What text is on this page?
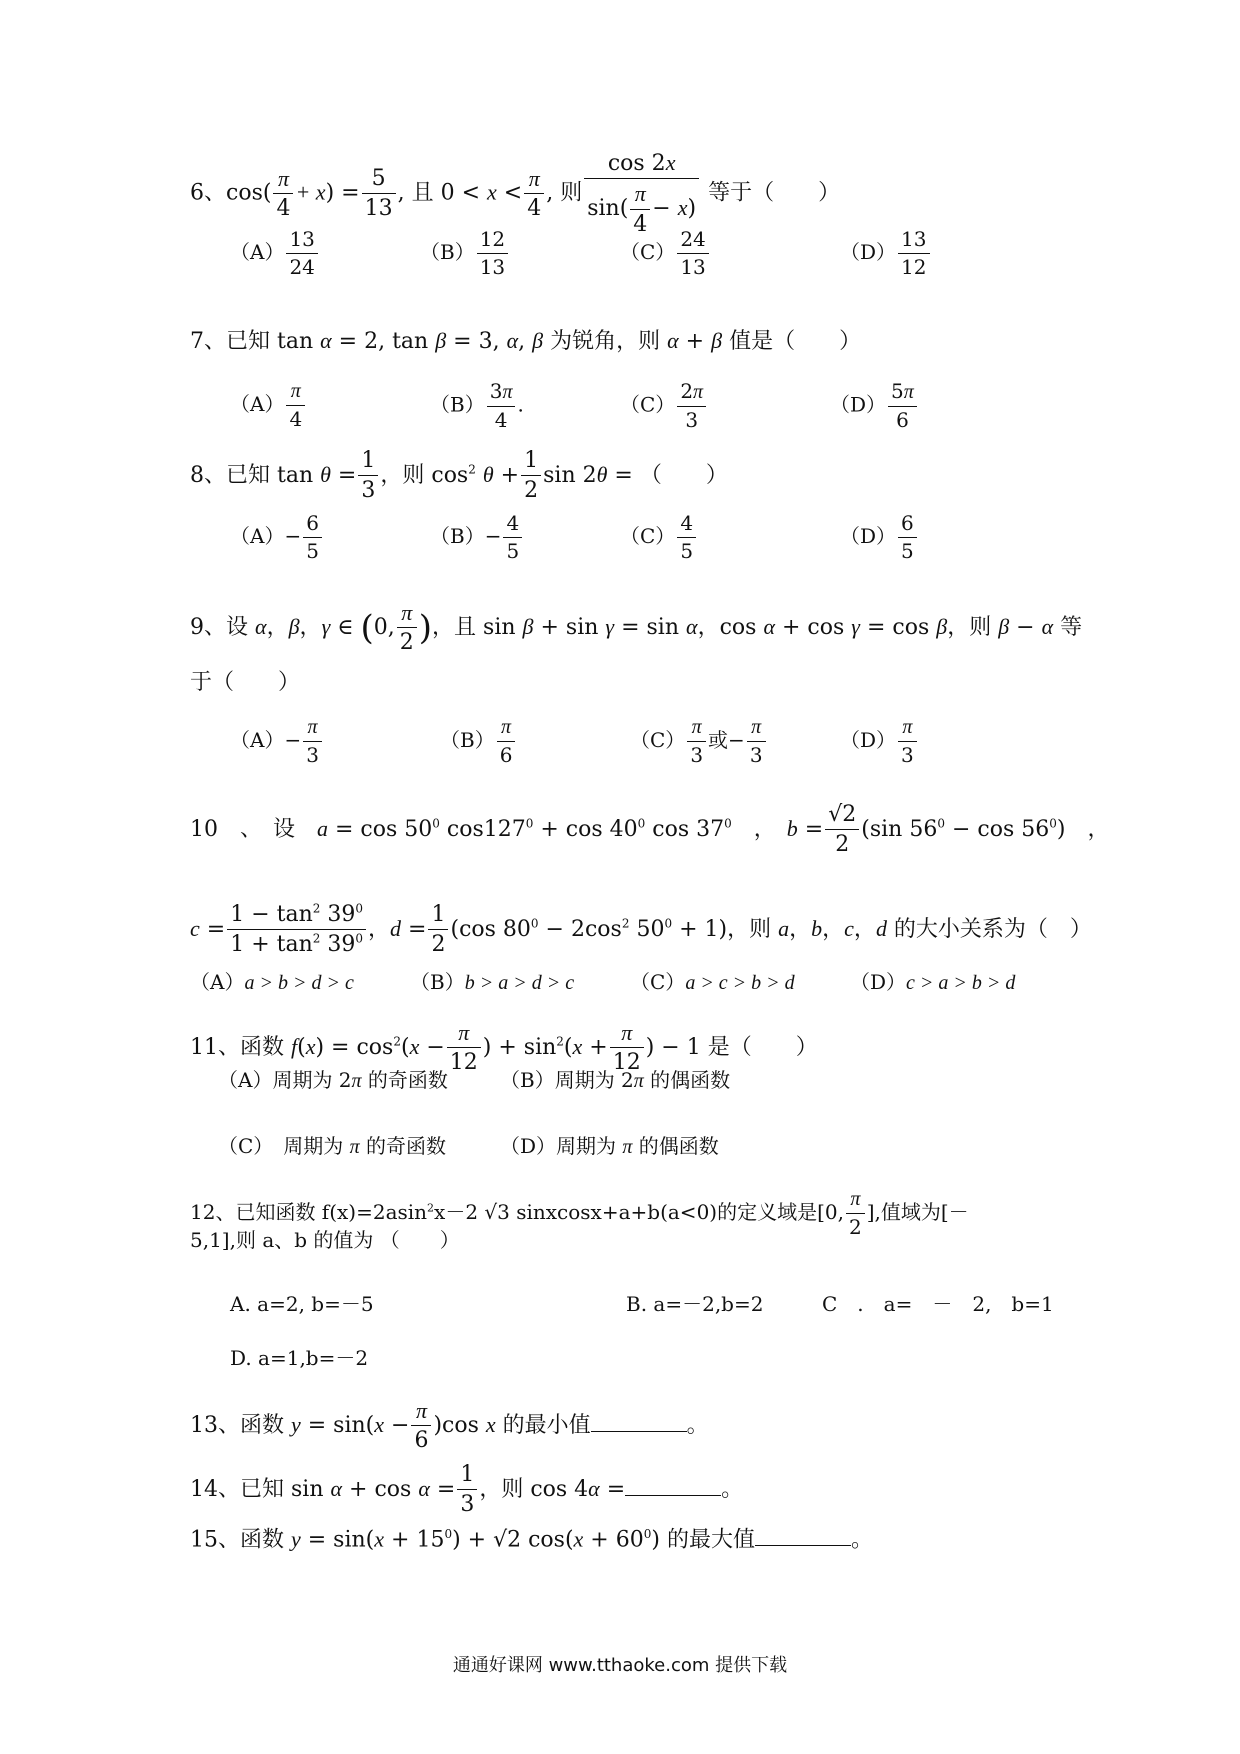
6、$\cos( \frac{\pi}{4} + x) = \frac{5}{13}$ , 且 $0 < x < \frac{\pi}{4}$ , 则 $\frac{\cos 2x}{\sin( \frac{\pi}{4} - x)}$ 等于（　　）
$(A) \frac{13}{24}$	$(B) \frac{12}{13}$	$(C) \frac{24}{13}$	$(D) \frac{13}{12}$
7、已知 tan α = 2, tan β = 3, α, β 为锐角，则 α + β 值是（　　）
$(A) \frac{\pi}{4}$	$(B) \frac{3\pi}{4}$ .	$(C) \frac{2\pi}{3}$	$(D) \frac{5\pi}{6}$
8、已知 $\tan \theta = \frac{1}{3}$ ，则 $\cos^2 \theta + \frac{1}{2}$ sin 2θ = （　　）
$(A)- \frac{6}{5}$	$(B)- \frac{4}{5}$	$(C) \frac{4}{5}$	$(D) \frac{6}{5}$
9、设 α，β，γ ∈ (0, $\frac{\pi}{2}$ )，且 sin β + sin γ = sin α，cos α + cos γ = cos β，则 β − α 等
于（　　）
$(A)- \frac{\pi}{3}$	$(B) \frac{\pi}{6}$	$(C) \frac{\pi}{3}$ 或− $\frac{\pi}{3}$	$(D) \frac{\pi}{3}$
10　、　设　$a = \cos 50^0$ $\cos 127^0 + \cos 40^0$ $\cos 37^0$　，　$b = \frac{√2}{2} (\sin$ $56^0 - \cos 56^0$)　，
$c = \frac{1 - \tan^2 39^0}{1 + \tan^2 39^0}$ ，$d = \frac{1}{2} (\cos$ $80^0 - 2\cos^2$ $50^0 + 1$)，则 a，b，c，d 的大小关系为（　）
（A）a > b > d > c	（B）b > a > d > c	（C）a > c > b > d	（D）c > a > b > d
11、函数 $f(x) = \cos^2(x - \frac{\pi}{12}$ ) + $\sin^2(x + \frac{\pi}{12}$ ) − 1 是（　　）
（A）周期为 2π 的奇函数	（B）周期为 2π 的偶函数
（C）　周期为 π 的奇函数	（D）周期为 π 的偶函数
12、已知函数 f(x)=2asin$^2$x－2 √3 sinxcosx+a+b(a<0)的定义域是[0, $\frac{\pi}{2}$ ],值域为[－
5,1],则 a、b 的值为 （　　）
A. a=2, b=－5	B. a=－2,b=2	C　.　a=　－　2,　b=1
D. a=1,b=－2
13、函数 $y = \sin(x - \frac{\pi}{6} )\cos$ x 的最小值	。
14、已知 $\sin \alpha + \cos \alpha = \frac{1}{3}$ ，则 cos 4α =	。
15、函数 $y = \sin(x + 15^0) + √2$ $\cos(x + 60^0)$ 的最大值	。
通通好课网 www.tthaoke.com 提供下载
